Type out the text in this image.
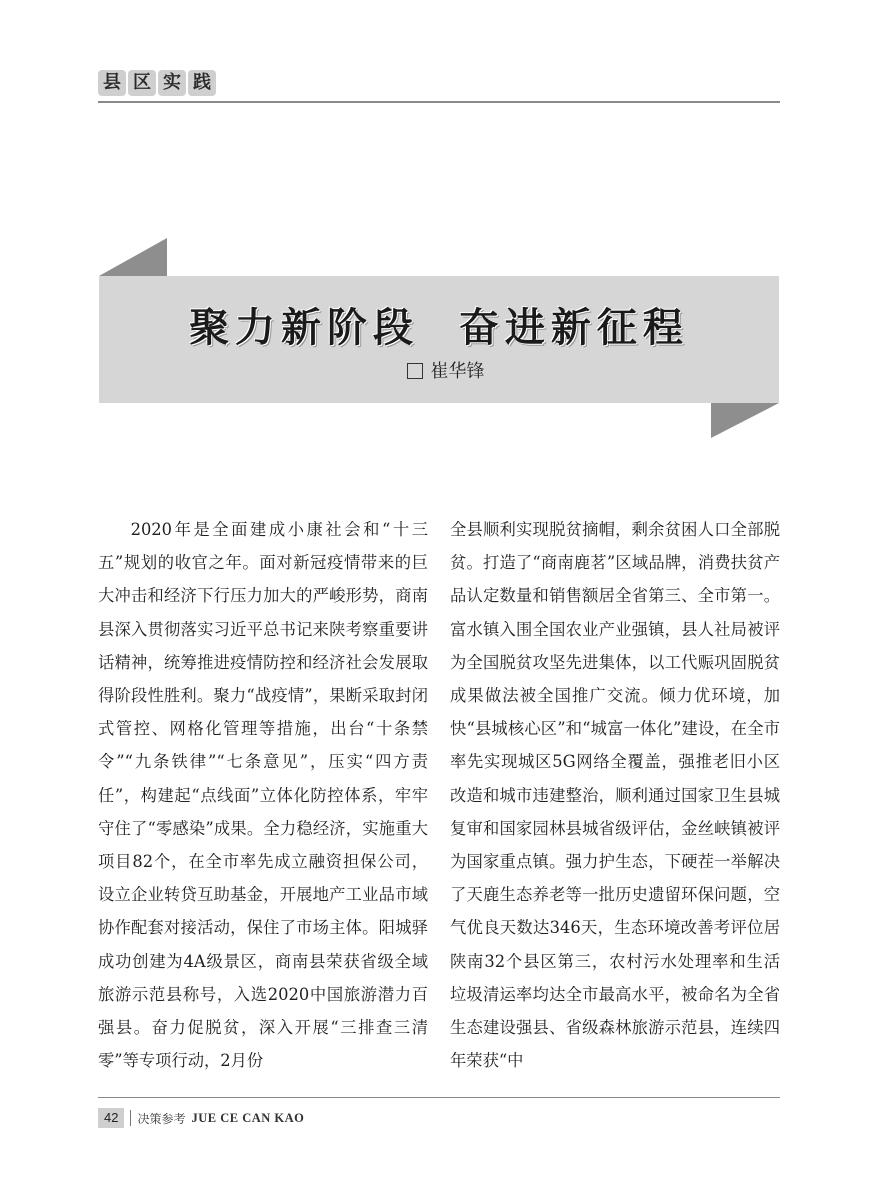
县 区 实 践
聚力新阶段  奋进新征程
崔华锋

2020年是全面建成小康社会和“十三五”规划的收官之年。面对新冠疫情带来的巨大冲击和经济下行压力加大的严峻形势，商南县深入贯彻落实习近平总书记来陕考察重要讲话精神，统筹推进疫情防控和经济社会发展取得阶段性胜利。聚力“战疫情”，果断采取封闭式管控、网格化管理等措施，出台“十条禁令”“九条铁律”“七条意见”，压实“四方责任”，构建起“点线面”立体化防控体系，牢牢守住了“零感染”成果。全力稳经济，实施重大项目82个，在全市率先成立融资担保公司，设立企业转贷互助基金，开展地产工业品市域协作配套对接活动，保住了市场主体。阳城驿成功创建为4A级景区，商南县荣获省级全域旅游示范县称号，入选2020中国旅游潜力百强县。奋力促脱贫，深入开展“三排查三清零”等专项行动，2月份

全县顺利实现脱贫摘帽，剩余贫困人口全部脱贫。打造了“商南鹿茗”区域品牌，消费扶贫产品认定数量和销售额居全省第三、全市第一。富水镇入围全国农业产业强镇，县人社局被评为全国脱贫攻坚先进集体，以工代赈巩固脱贫成果做法被全国推广交流。倾力优环境，加快“县城核心区”和“城富一体化”建设，在全市率先实现城区5G网络全覆盖，强推老旧小区改造和城市违建整治，顺利通过国家卫生县城复审和国家园林县城省级评估，金丝峡镇被评为国家重点镇。强力护生态，下硬茬一举解决了天鹿生态养老等一批历史遗留环保问题，空气优良天数达346天，生态环境改善考评位居陕南32个县区第三，农村污水处理率和生活垃圾清运率均达全市最高水平，被命名为全省生态建设强县、省级森林旅游示范县，连续四年荣获“中

42	决策参考 JUE CE CAN KAO
